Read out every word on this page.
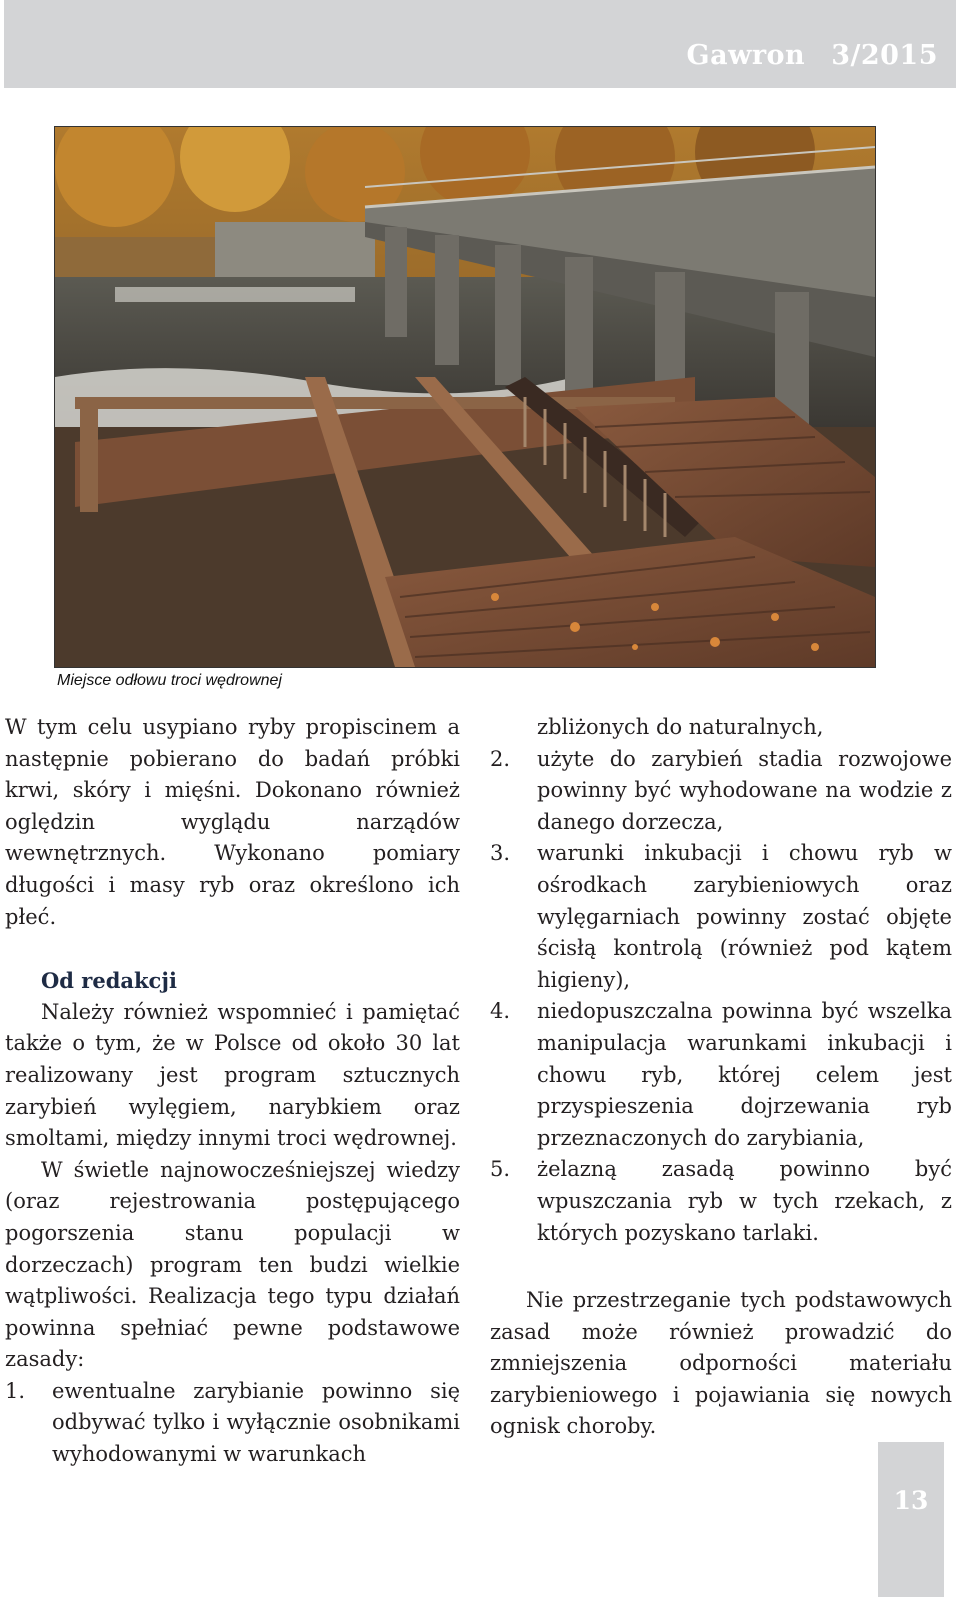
Gawron 3/2015
Miejsce odłowu troci wędrownej

W tym celu usypiano ryby propiscinem a następnie pobierano do badań próbki krwi, skóry i mięśni. Dokonano również oględzin wyglądu narządów wewnętrznych. Wykonano pomiary długości i masy ryb oraz określono ich płeć.

Od redakcji

Należy również wspomnieć i pamiętać także o tym, że w Polsce od około 30 lat realizowany jest program sztucznych zarybień wylęgiem, narybkiem oraz smoltami, między innymi troci wędrownej.

W świetle najnowocześniejszej wiedzy (oraz rejestrowania postępującego pogorszenia stanu populacji w dorzeczach) program ten budzi wielkie wątpliwości. Realizacja tego typu działań powinna spełniać pewne podstawowe zasady:

1. ewentualne zarybianie powinno się odbywać tylko i wyłącznie osobnikami wyhodowanymi w warunkach
zbliżonych do naturalnych,
2. użyte do zarybień stadia rozwojowe powinny być wyhodowane na wodzie z danego dorzecza,
3. warunki inkubacji i chowu ryb w ośrodkach zarybieniowych oraz wylęgarniach powinny zostać objęte ścisłą kontrolą (również pod kątem higieny),
4. niedopuszczalna powinna być wszelka manipulacja warunkami inkubacji i chowu ryb, której celem jest przyspieszenia dojrzewania ryb przeznaczonych do zarybiania,
5. żelazną zasadą powinno być wpuszczania ryb w tych rzekach, z których pozyskano tarlaki.

Nie przestrzeganie tych podstawowych zasad może również prowadzić do zmniejszenia odporności materiału zarybieniowego i pojawiania się nowych ognisk choroby.

13
